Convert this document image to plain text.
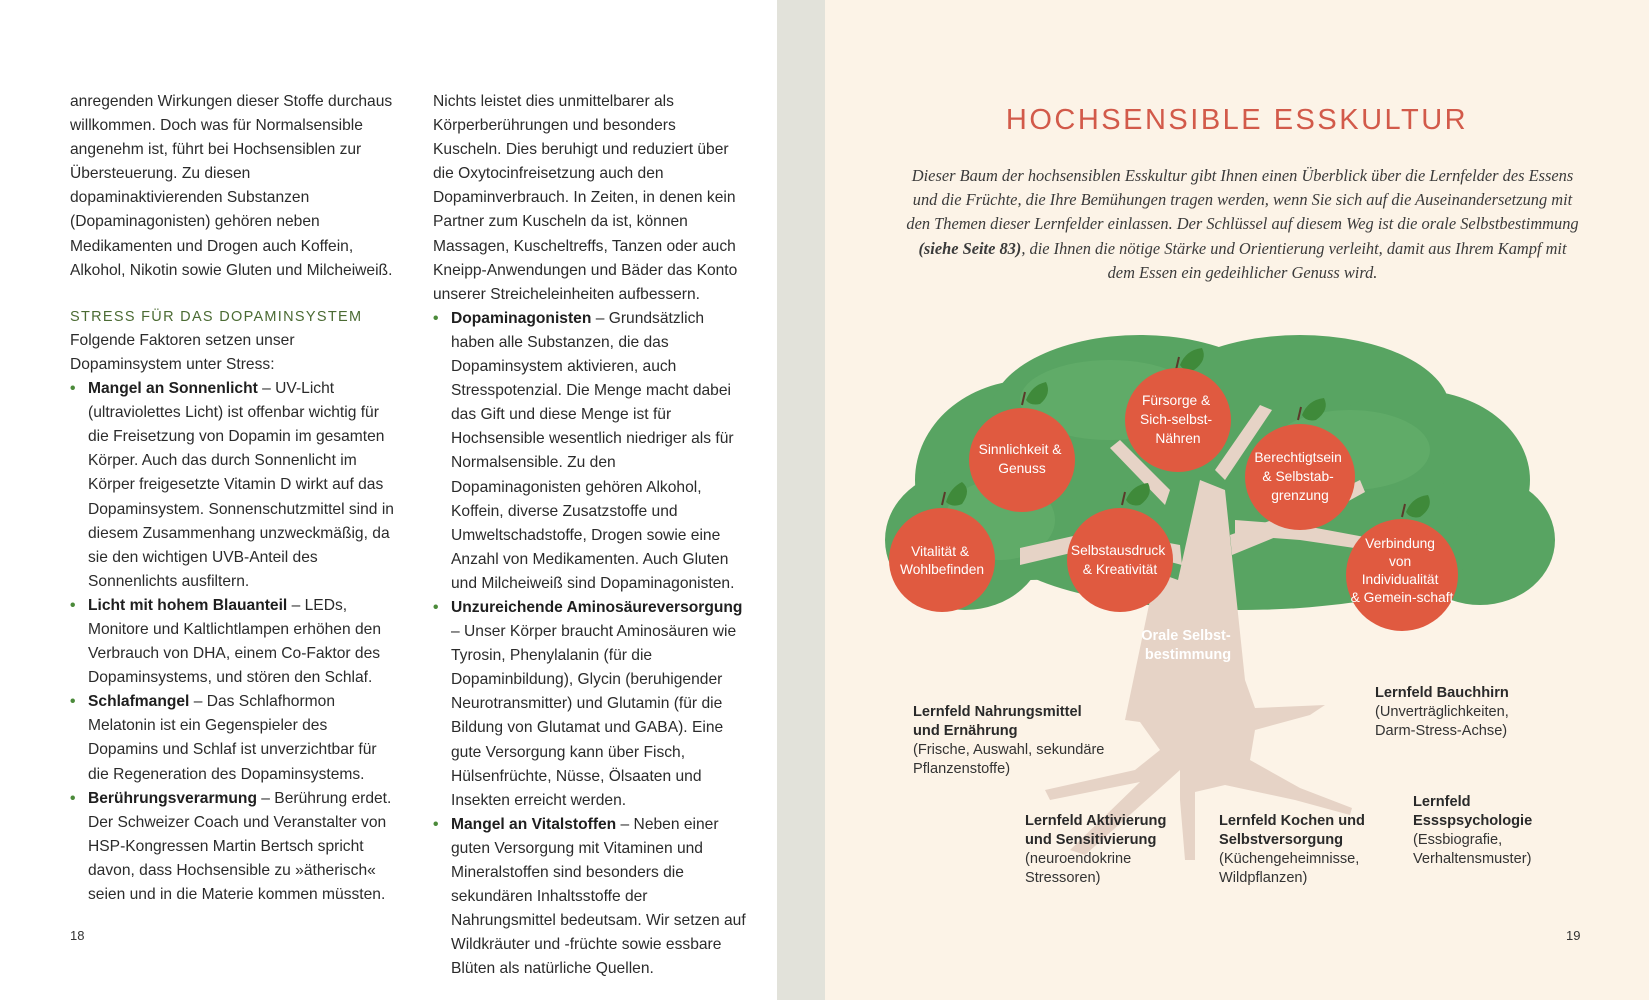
anregenden Wirkungen dieser Stoffe durchaus willkommen. Doch was für Normalsensible angenehm ist, führt bei Hochsensiblen zur Übersteuerung. Zu diesen dopaminaktivierenden Substanzen (Dopaminagonisten) gehören neben Medikamenten und Drogen auch Koffein, Alkohol, Nikotin sowie Gluten und Milcheiweiß.

STRESS FÜR DAS DOPAMINSYSTEM

Folgende Faktoren setzen unser Dopaminsystem unter Stress:

• Mangel an Sonnenlicht – UV-Licht (ultraviolettes Licht) ist offenbar wichtig für die Freisetzung von Dopamin im gesamten Körper. Auch das durch Sonnenlicht im Körper freigesetzte Vitamin D wirkt auf das Dopaminsystem. Sonnenschutzmittel sind in diesem Zusammenhang unzweckmäßig, da sie den wichtigen UVB-Anteil des Sonnenlichts ausfiltern.
• Licht mit hohem Blauanteil – LEDs, Monitore und Kaltlichtlampen erhöhen den Verbrauch von DHA, einem Co-Faktor des Dopaminsystems, und stören den Schlaf.
• Schlafmangel – Das Schlafhormon Melatonin ist ein Gegenspieler des Dopamins und Schlaf ist unverzichtbar für die Regeneration des Dopaminsystems.
• Berührungsverarmung – Berührung erdet. Der Schweizer Coach und Veranstalter von HSP-Kongressen Martin Bertsch spricht davon, dass Hochsensible zu »ätherisch« seien und in die Materie kommen müssten.

Nichts leistet dies unmittelbarer als Körperberührungen und besonders Kuscheln. Dies beruhigt und reduziert über die Oxytocinfreisetzung auch den Dopaminverbrauch. In Zeiten, in denen kein Partner zum Kuscheln da ist, können Massagen, Kuscheltreffs, Tanzen oder auch Kneipp-Anwendungen und Bäder das Konto unserer Streicheleinheiten aufbessern.

• Dopaminagonisten – Grundsätzlich haben alle Substanzen, die das Dopaminsystem aktivieren, auch Stresspotenzial. Die Menge macht dabei das Gift und diese Menge ist für Hochsensible wesentlich niedriger als für Normalsensible. Zu den Dopaminagonisten gehören Alkohol, Koffein, diverse Zusatzstoffe und Umweltschadstoffe, Drogen sowie eine Anzahl von Medikamenten. Auch Gluten und Milcheiweiß sind Dopaminagonisten.
• Unzureichende Aminosäureversorgung – Unser Körper braucht Aminosäuren wie Tyrosin, Phenylalanin (für die Dopaminbildung), Glycin (beruhigender Neurotransmitter) und Glutamin (für die Bildung von Glutamat und GABA). Eine gute Versorgung kann über Fisch, Hülsenfrüchte, Nüsse, Ölsaaten und Insekten erreicht werden.
• Mangel an Vitalstoffen – Neben einer guten Versorgung mit Vitaminen und Mineralstoffen sind besonders die sekundären Inhaltsstoffe der Nahrungsmittel bedeutsam. Wir setzen auf Wildkräuter und -früchte sowie essbare Blüten als natürliche Quellen.
18	19
HOCHSENSIBLE ESSKULTUR
Dieser Baum der hochsensiblen Esskultur gibt Ihnen einen Überblick über die Lernfelder des Essens und die Früchte, die Ihre Bemühungen tragen werden, wenn Sie sich auf die Auseinandersetzung mit den Themen dieser Lernfelder einlassen. Der Schlüssel auf diesem Weg ist die orale Selbstbestimmung (siehe Seite 83), die Ihnen die nötige Stärke und Orientierung verleiht, damit aus Ihrem Kampf mit dem Essen ein gedeihlicher Genuss wird.
Orale Selbst- bestimmung
Vitalität & Wohlbefinden
Sinnlichkeit & Genuss
Fürsorge & Sich-selbst- Nähren
Berechtigtsein & Selbstab- grenzung
Selbstausdruck & Kreativität
Verbindung von Individualität & Gemein-schaft
Lernfeld Nahrungsmittel
und Ernährung
(Frische, Auswahl, sekundäre Pflanzenstoffe)
Lernfeld Aktivierung
und Sensitivierung
(neuroendokrine Stressoren)
Lernfeld Kochen und
Selbstversorgung
(Küchengeheimnisse, Wildpflanzen)
Lernfeld
Essspsychologie
(Essbiografie, Verhaltensmuster)
Lernfeld Bauchhirn
(Unverträglichkeiten, Darm-Stress-Achse)
